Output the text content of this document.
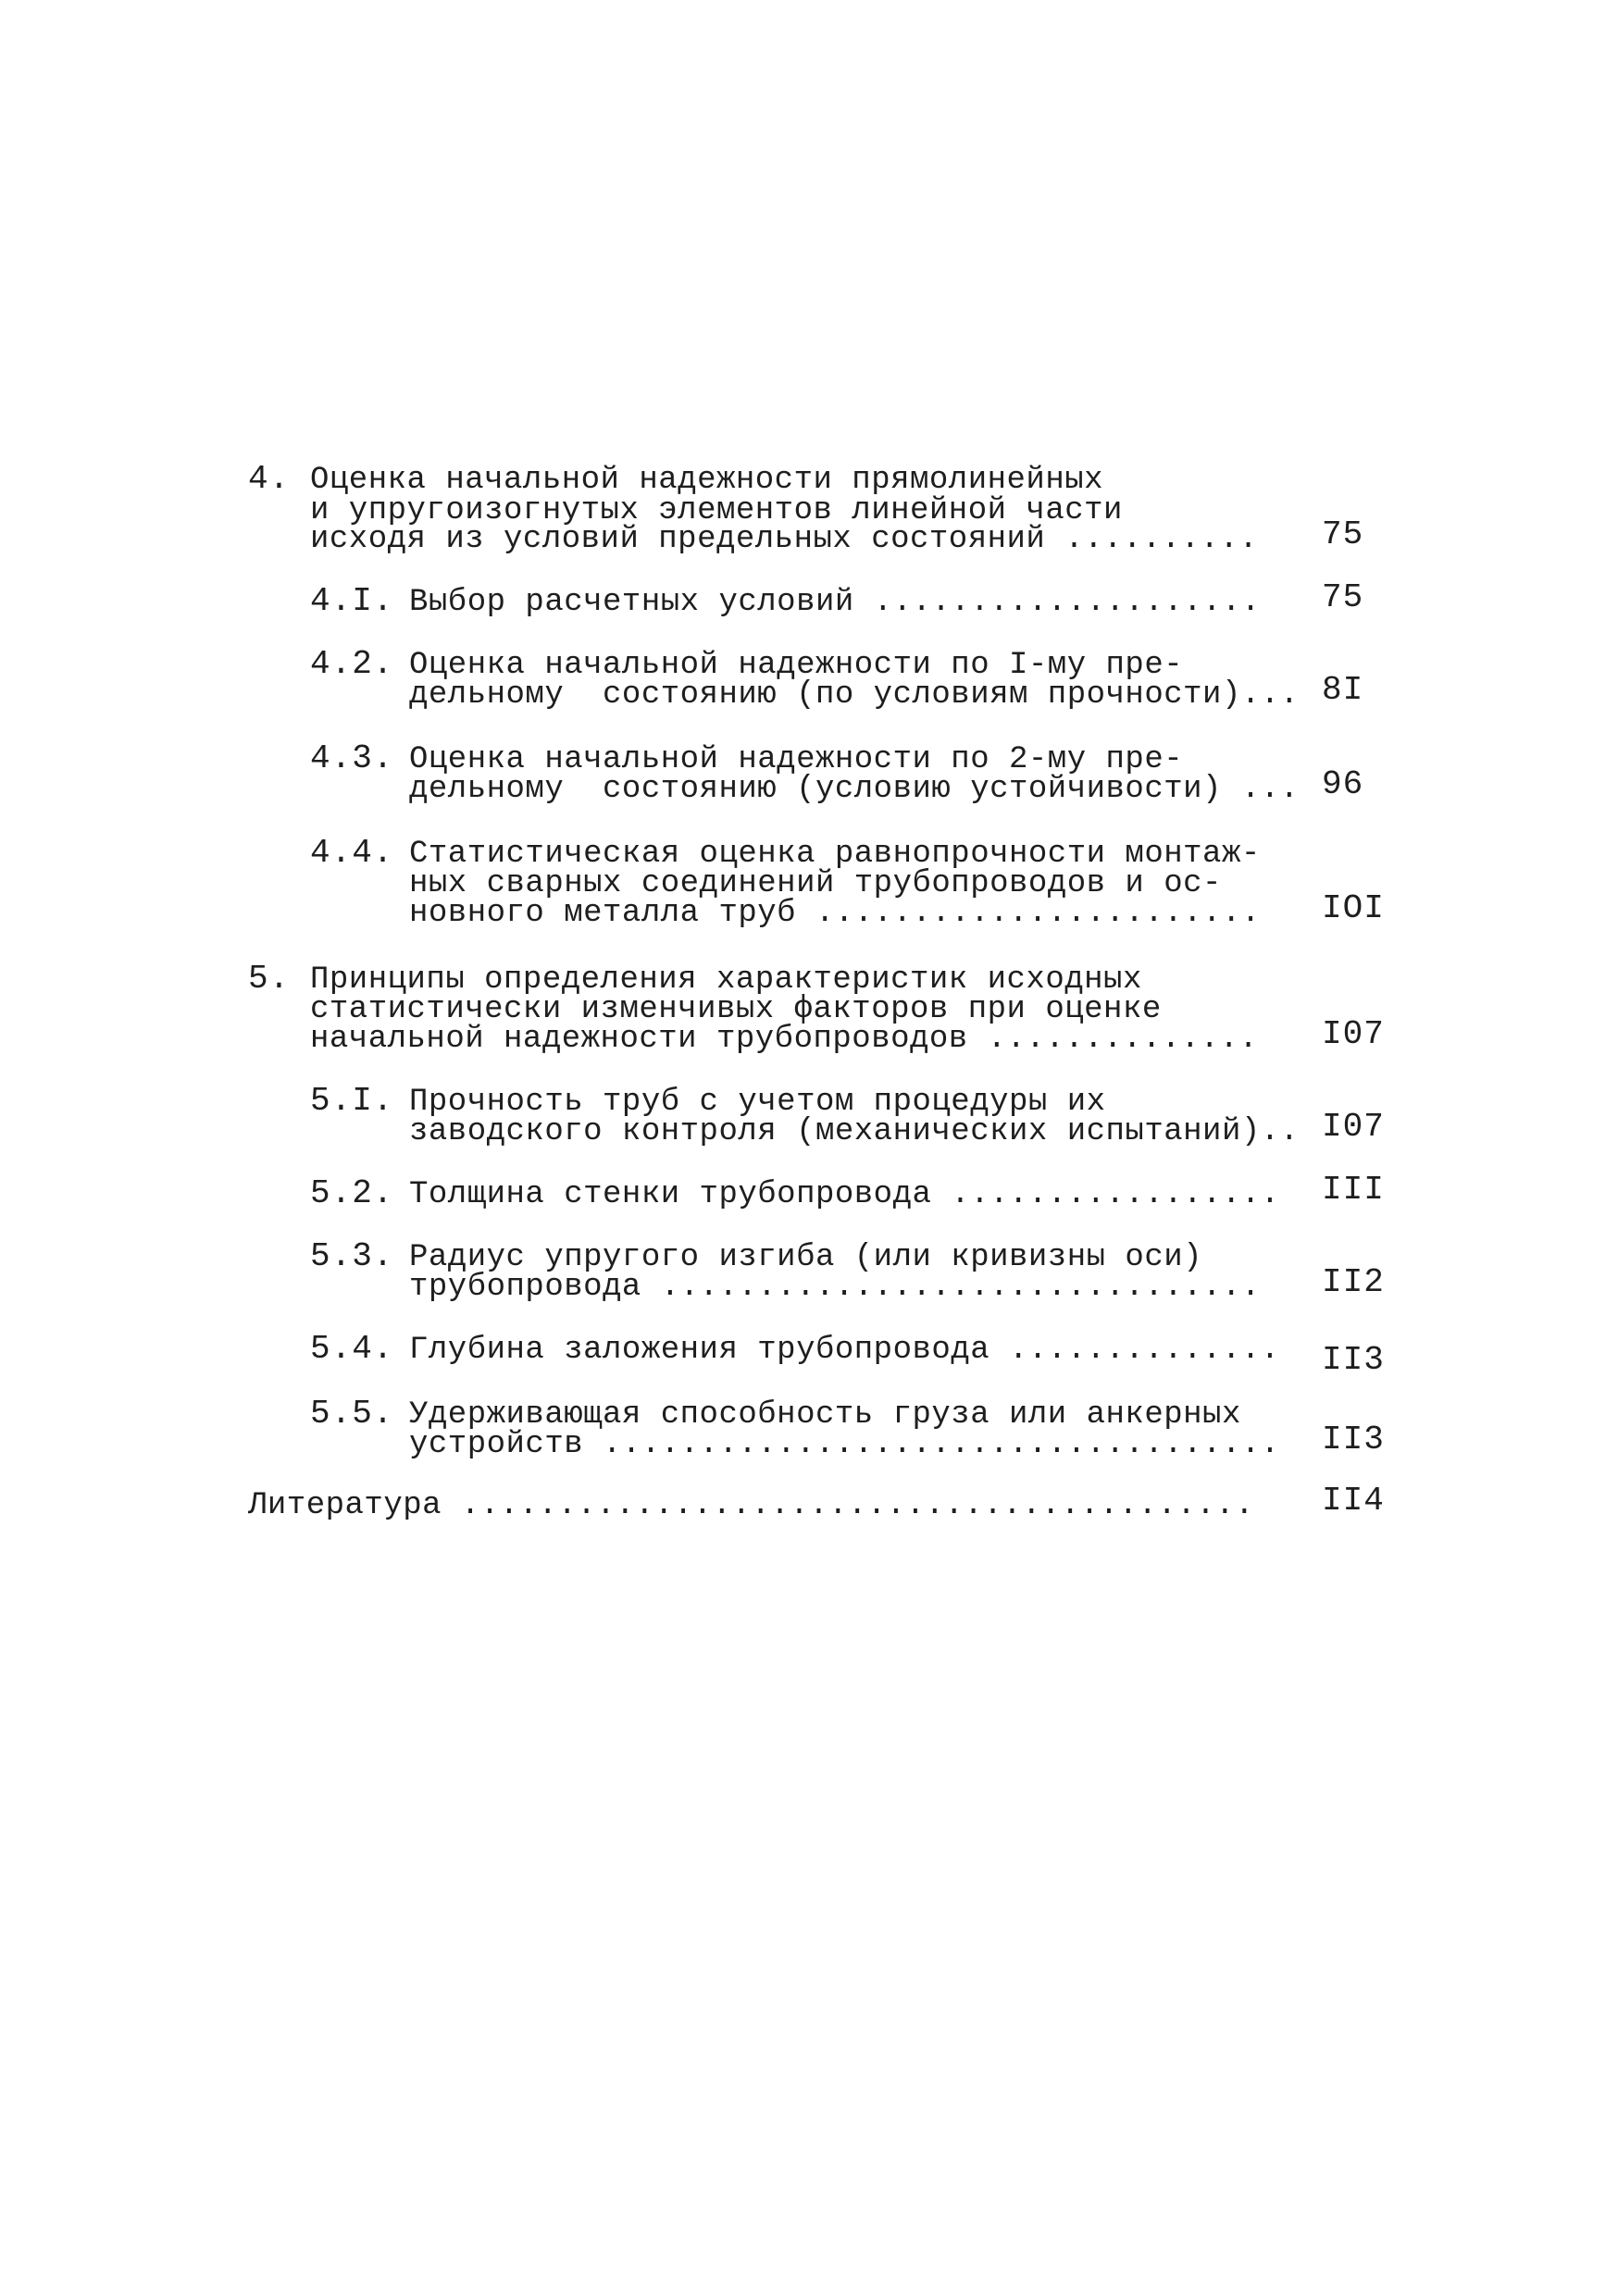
4. Оценка начальной надежности прямолинейных
и упругоизогнутых элементов линейной части
исходя из условий предельных состояний .......... 75
4.I. Выбор расчетных условий .................... 75
4.2. Оценка начальной надежности по I-му пре-
дельному  состоянию (по условиям прочности)... 8I
4.3. Оценка начальной надежности по 2-му пре-
дельному  состоянию (условию устойчивости) ... 96
4.4. Статистическая оценка равнопрочности монтаж-
ных сварных соединений трубопроводов и ос-
новного металла труб ....................... IOI
5. Принципы определения характеристик исходных
статистически изменчивых факторов при оценке
начальной надежности трубопроводов .............. I07
5.I. Прочность труб с учетом процедуры их
заводского контроля (механических испытаний).. I07
5.2. Толщина стенки трубопровода ................. III
5.3. Радиус упругого изгиба (или кривизны оси)
трубопровода ............................... II2
5.4. Глубина заложения трубопровода .............. II3
5.5. Удерживающая способность груза или анкерных
устройств ................................... II3
Литература ......................................... II4
